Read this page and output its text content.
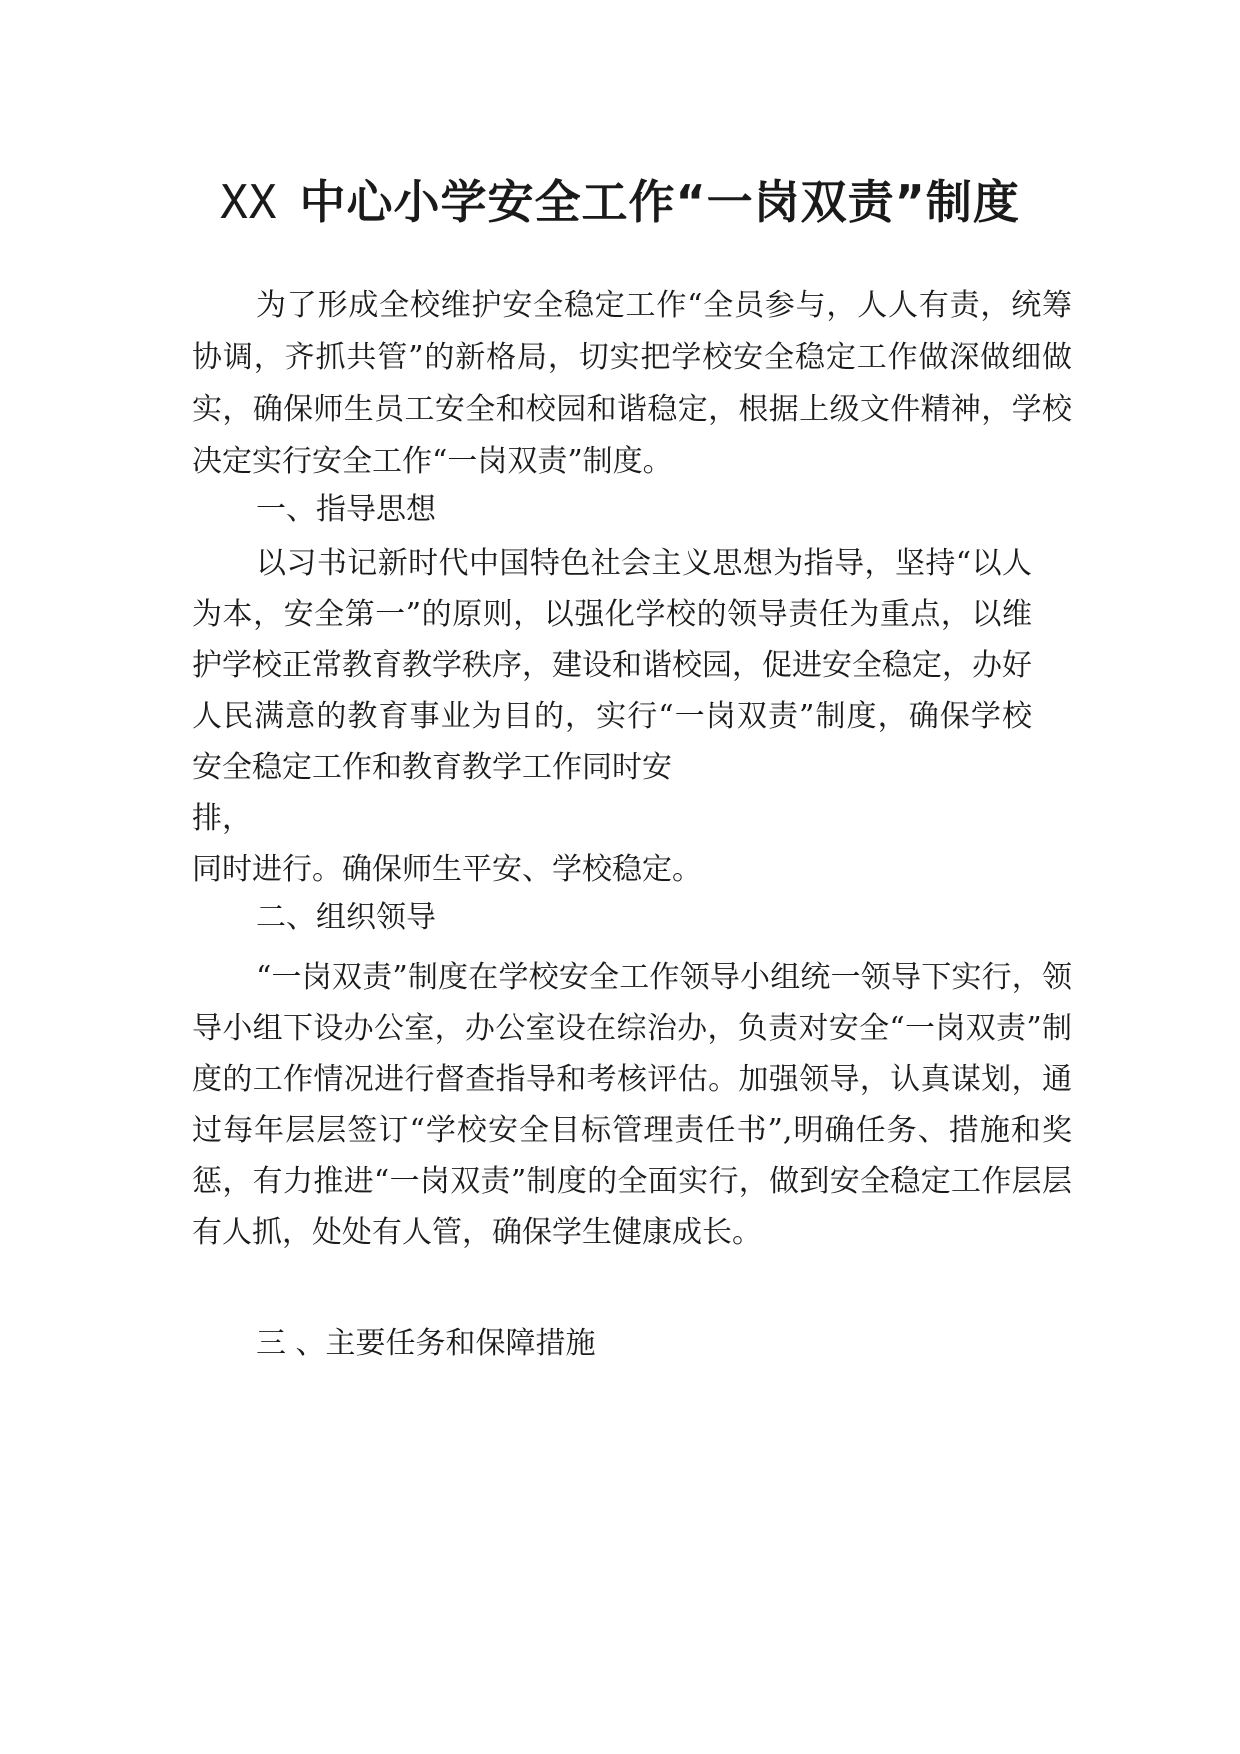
XX 中心小学安全工作“一岗双责”制度

为了形成全校维护安全稳定工作“全员参与，人人有责，统筹协调，齐抓共管”的新格局，切实把学校安全稳定工作做深做细做实，确保师生员工安全和校园和谐稳定，根据上级文件精神，学校决定实行安全工作“一岗双责”制度。

一、指导思想

以习书记新时代中国特色社会主义思想为指导，坚持“以人为本，安全第一”的原则，以强化学校的领导责任为重点，以维护学校正常教育教学秩序，建设和谐校园，促进安全稳定，办好人民满意的教育事业为目的，实行“一岗双责”制度，确保学校安全稳定工作和教育教学工作同时安

排，
同时进行。确保师生平安、学校稳定。
二、组织领导

“一岗双责”制度在学校安全工作领导小组统一领导下实行，领导小组下设办公室，办公室设在综治办，负责对安全“一岗双责”制度的工作情况进行督查指导和考核评估。加强领导，认真谋划，通过每年层层签订“学校安全目标管理责任书”,明确任务、措施和奖惩，有力推进“一岗双责”制度的全面实行，做到安全稳定工作层层有人抓，处处有人管，确保学生健康成长。

三 、主要任务和保障措施
